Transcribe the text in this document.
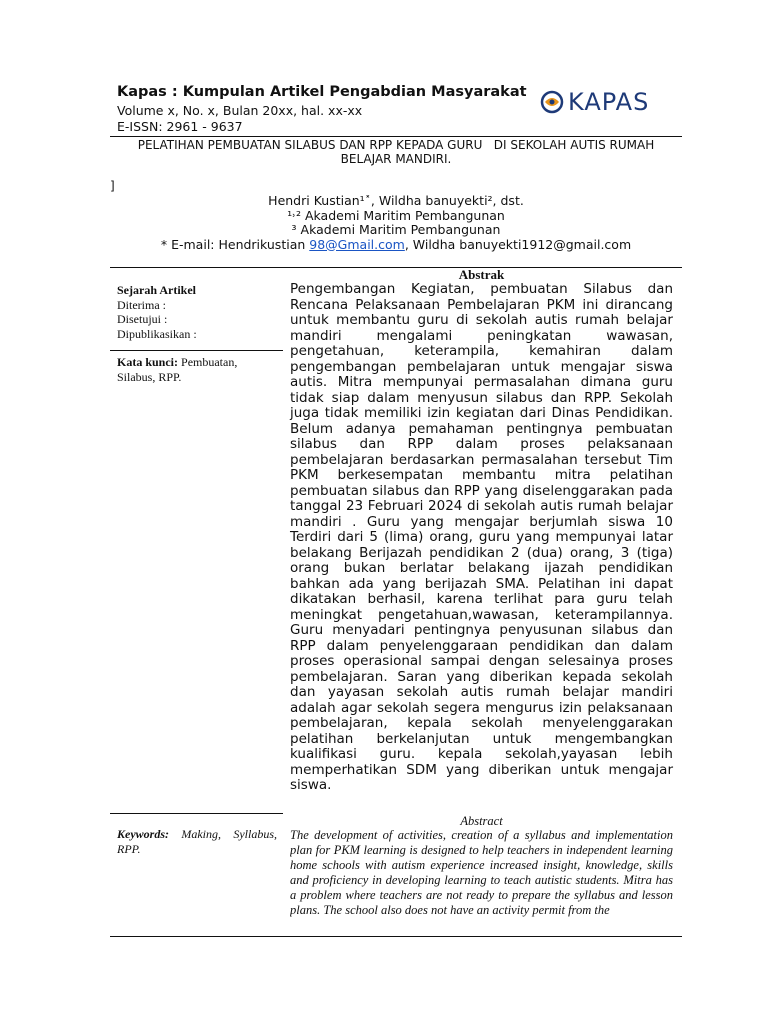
Kapas : Kumpulan Artikel Pengabdian Masyarakat
Volume x, No. x, Bulan 20xx, hal. xx-xx
E-ISSN: 2961 - 9637
KAPAS
PELATIHAN PEMBUATAN SILABUS DAN RPP KEPADA GURU   DI SEKOLAH AUTIS RUMAH
BELAJAR MANDIRI.
]
Hendri Kustian¹˟, Wildha banuyekti², dst.
¹˒² Akademi Maritim Pembangunan
³ Akademi Maritim Pembangunan
* E-mail: Hendrikustian 98@Gmail.com, Wildha banuyekti1912@gmail.com
Sejarah Artikel
Diterima :
Disetujui :
Dipublikasikan :
Kata kunci: Pembuatan, Silabus, RPP.
Abstrak
Pengembangan Kegiatan, pembuatan Silabus dan Rencana Pelaksanaan Pembelajaran PKM ini dirancang untuk membantu guru di sekolah autis rumah belajar mandiri mengalami peningkatan wawasan, pengetahuan, keterampila, kemahiran dalam pengembangan pembelajaran untuk mengajar siswa autis. Mitra mempunyai permasalahan dimana guru tidak siap dalam menyusun silabus dan RPP. Sekolah juga tidak memiliki izin kegiatan dari Dinas Pendidikan. Belum adanya pemahaman pentingnya pembuatan silabus dan RPP dalam proses pelaksanaan pembelajaran berdasarkan permasalahan tersebut Tim PKM berkesempatan membantu mitra pelatihan pembuatan silabus dan RPP yang diselenggarakan pada tanggal 23 Februari 2024 di sekolah autis rumah belajar mandiri . Guru yang mengajar berjumlah siswa 10 Terdiri dari 5 (lima) orang, guru yang mempunyai latar belakang Berijazah pendidikan 2 (dua) orang, 3 (tiga) orang bukan berlatar belakang ijazah pendidikan bahkan ada yang berijazah SMA. Pelatihan ini dapat dikatakan berhasil, karena terlihat para guru telah meningkat pengetahuan,wawasan, keterampilannya. Guru menyadari pentingnya penyusunan silabus dan RPP dalam penyelenggaraan pendidikan dan dalam proses operasional sampai dengan selesainya proses pembelajaran. Saran yang diberikan kepada sekolah dan yayasan sekolah autis rumah belajar mandiri adalah agar sekolah segera mengurus izin pelaksanaan pembelajaran, kepala sekolah menyelenggarakan pelatihan berkelanjutan untuk mengembangkan kualifikasi guru. kepala sekolah,yayasan lebih memperhatikan SDM yang diberikan untuk mengajar siswa.
Keywords: Making, Syllabus, RPP.
Abstract
The development of activities, creation of a syllabus and implementation plan for PKM learning is designed to help teachers in independent learning home schools with autism experience increased insight, knowledge, skills and proficiency in developing learning to teach autistic students. Mitra has a problem where teachers are not ready to prepare the syllabus and lesson plans. The school also does not have an activity permit from the
